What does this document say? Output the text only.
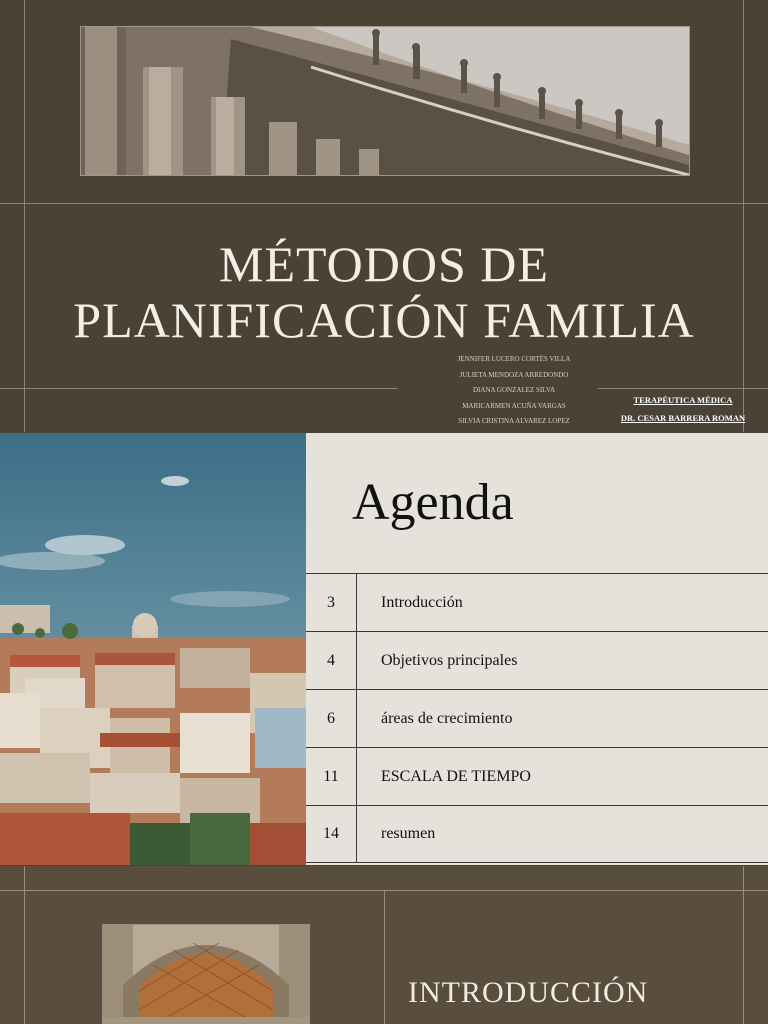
MÉTODOS DE
PLANIFICACIÓN FAMILIA
JENNIFER LUCERO CORTÉS VILLA
JULIETA MENDOZA ARREDONDO
DIANA GONZALEZ SILVA
MARICARMEN ACUÑA VARGAS
SILVIA CRISTINA ALVAREZ LOPEZ
TERAPÉUTICA MÉDICA
DR. CESAR BARRERA ROMAN
Agenda
3	Introducción
4	Objetivos principales
6	áreas de crecimiento
11	ESCALA DE TIEMPO
14	resumen
INTRODUCCIÓN
